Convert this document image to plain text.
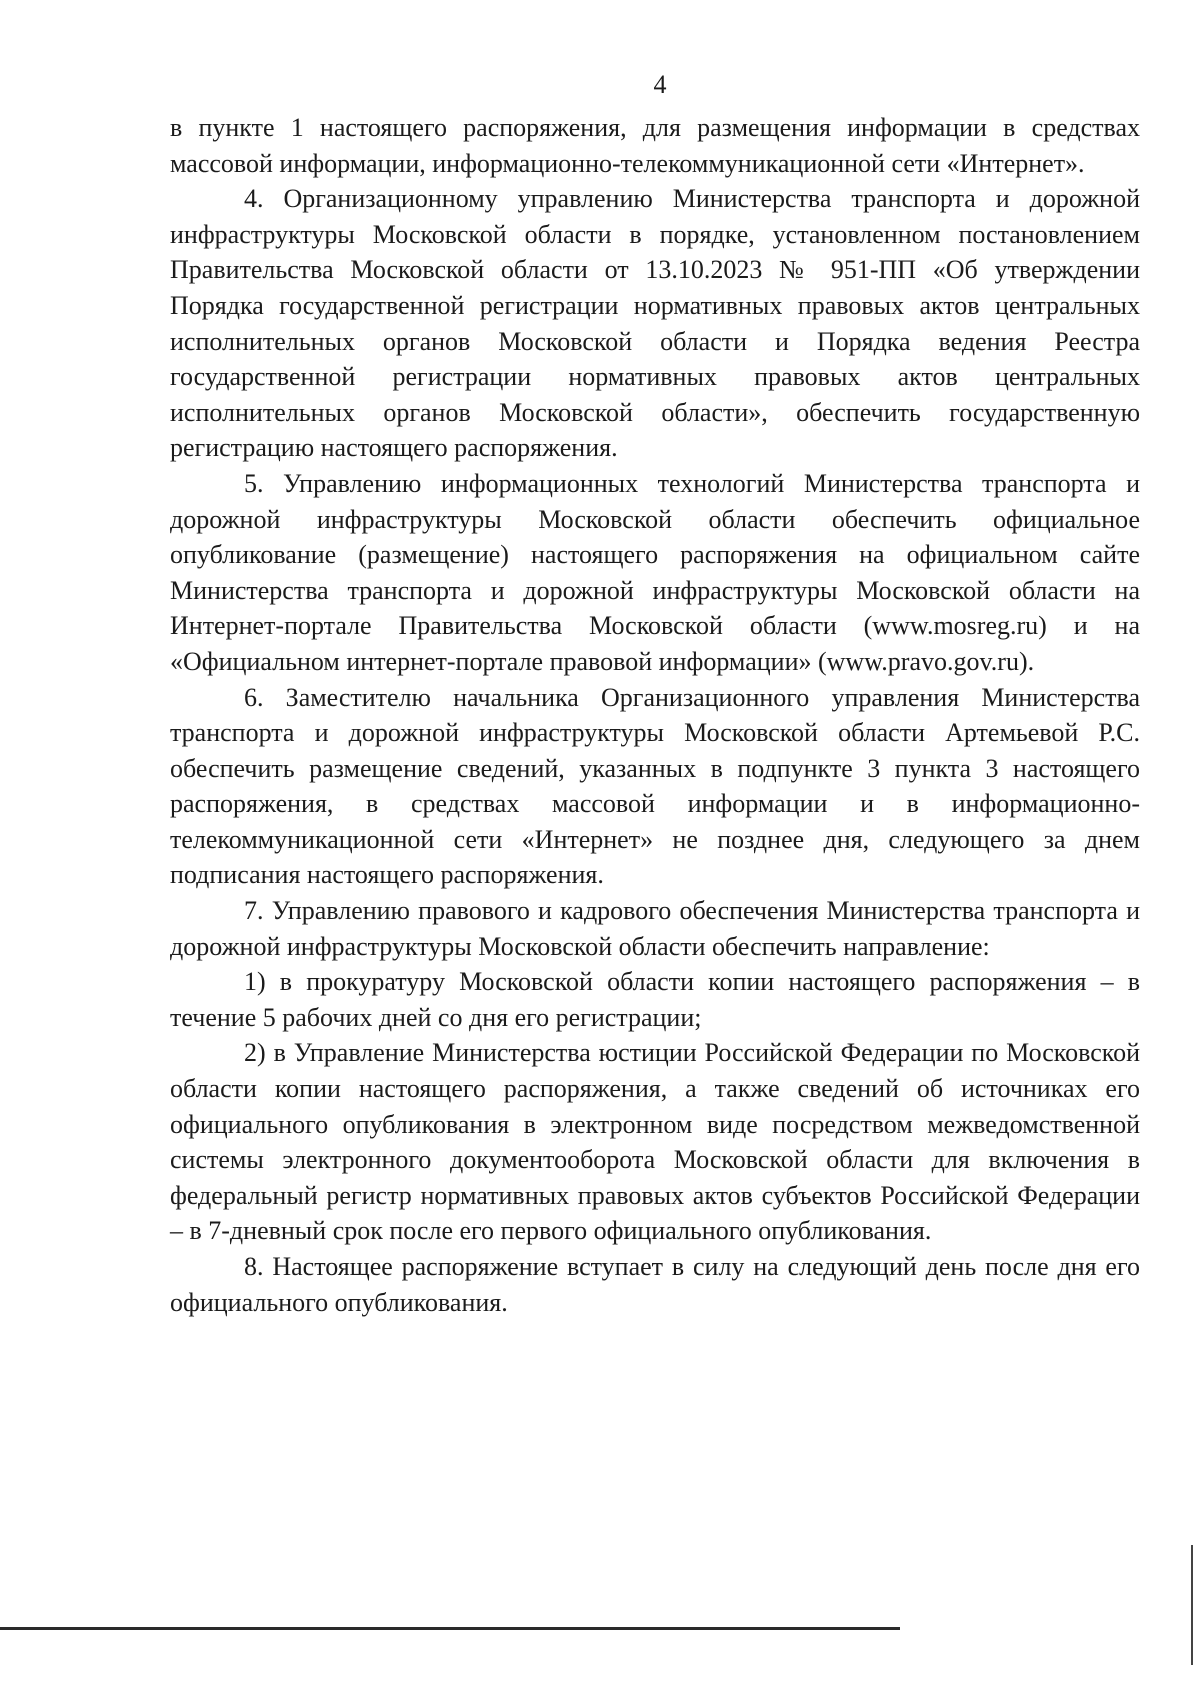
4

в пункте 1 настоящего распоряжения, для размещения информации в средствах массовой информации, информационно-телекоммуникационной сети «Интернет».

4. Организационному управлению Министерства транспорта и дорожной инфраструктуры Московской области в порядке, установленном постановлением Правительства Московской области от 13.10.2023 № 951-ПП «Об утверждении Порядка государственной регистрации нормативных правовых актов центральных исполнительных органов Московской области и Порядка ведения Реестра государственной регистрации нормативных правовых актов центральных исполнительных органов Московской области», обеспечить государственную регистрацию настоящего распоряжения.

5. Управлению информационных технологий Министерства транспорта и дорожной инфраструктуры Московской области обеспечить официальное опубликование (размещение) настоящего распоряжения на официальном сайте Министерства транспорта и дорожной инфраструктуры Московской области на Интернет-портале Правительства Московской области (www.mosreg.ru) и на «Официальном интернет-портале правовой информации» (www.pravo.gov.ru).

6. Заместителю начальника Организационного управления Министерства транспорта и дорожной инфраструктуры Московской области Артемьевой Р.С. обеспечить размещение сведений, указанных в подпункте 3 пункта 3 настоящего распоряжения, в средствах массовой информации и в информационно-телекоммуникационной сети «Интернет» не позднее дня, следующего за днем подписания настоящего распоряжения.

7. Управлению правового и кадрового обеспечения Министерства транспорта и дорожной инфраструктуры Московской области обеспечить направление:

1) в прокуратуру Московской области копии настоящего распоряжения – в течение 5 рабочих дней со дня его регистрации;

2) в Управление Министерства юстиции Российской Федерации по Московской области копии настоящего распоряжения, а также сведений об источниках его официального опубликования в электронном виде посредством межведомственной системы электронного документооборота Московской области для включения в федеральный регистр нормативных правовых актов субъектов Российской Федерации – в 7-дневный срок после его первого официального опубликования.

8. Настоящее распоряжение вступает в силу на следующий день после дня его официального опубликования.
